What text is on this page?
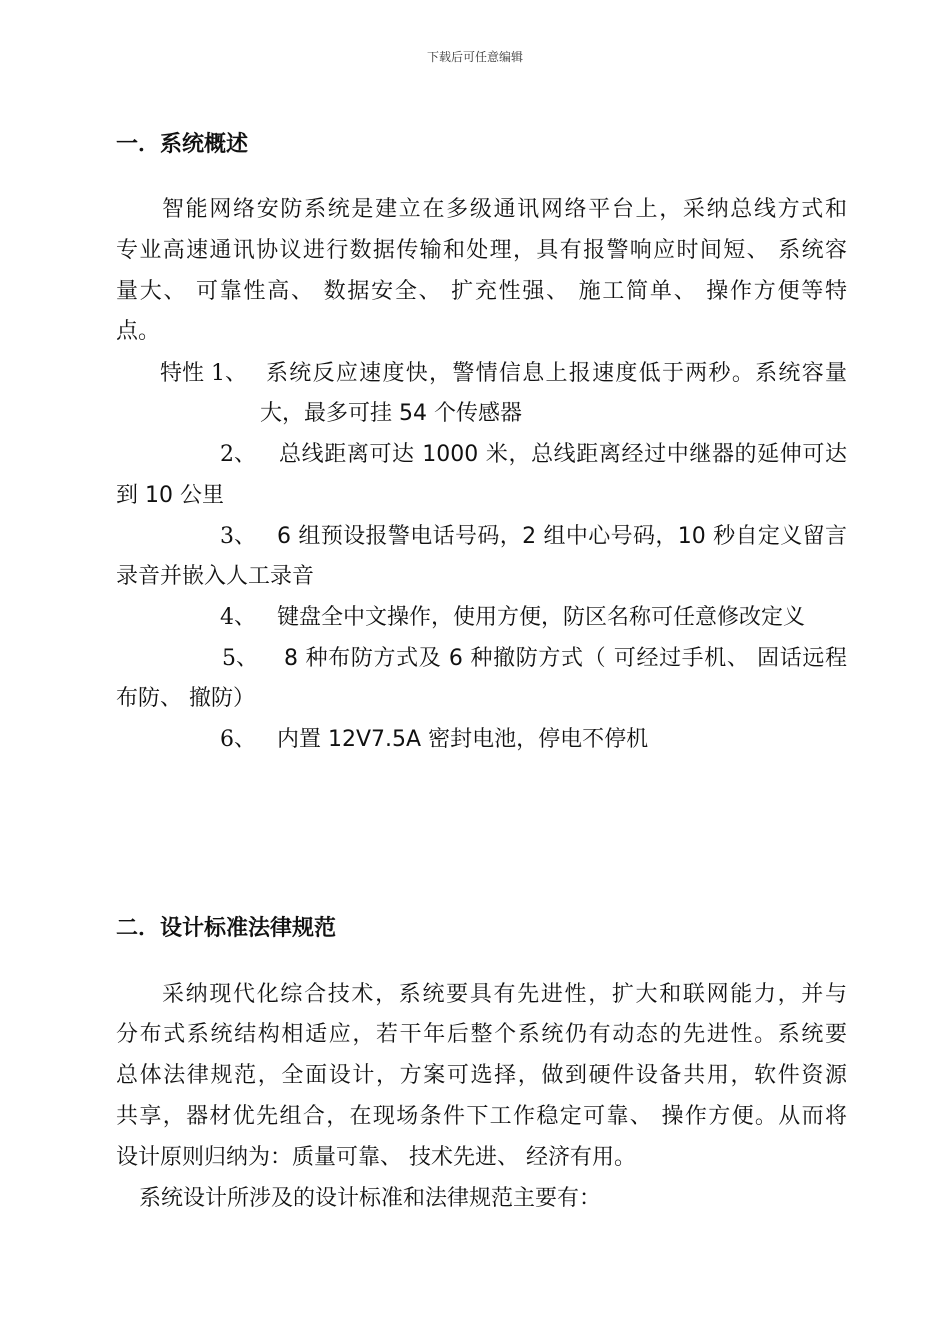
下载后可任意编辑
一．系统概述
智能网络安防系统是建立在多级通讯网络平台上，采纳总线方式和
专业高速通讯协议进行数据传输和处理，具有报警响应时间短、 系统容
量大、 可靠性高、 数据安全、 扩充性强、 施工简单、 操作方便等特
点。
特性 1、 系统反应速度快，警情信息上报速度低于两秒。系统容量
大，最多可挂 54 个传感器
2、 总线距离可达 1000 米，总线距离经过中继器的延伸可达
到 10 公里
3、 6 组预设报警电话号码，2 组中心号码，10 秒自定义留言
录音并嵌入人工录音
4、 键盘全中文操作，使用方便，防区名称可任意修改定义
5、 8 种布防方式及 6 种撤防方式（ 可经过手机、 固话远程
布防、 撤防）
6、 内置 12V7.5A 密封电池，停电不停机
二．设计标准法律规范
采纳现代化综合技术，系统要具有先进性，扩大和联网能力，并与
分布式系统结构相适应，若干年后整个系统仍有动态的先进性。系统要
总体法律规范，全面设计，方案可选择，做到硬件设备共用，软件资源
共享，器材优先组合，在现场条件下工作稳定可靠、 操作方便。从而将
设计原则归纳为：质量可靠、 技术先进、 经济有用。
系统设计所涉及的设计标准和法律规范主要有：
